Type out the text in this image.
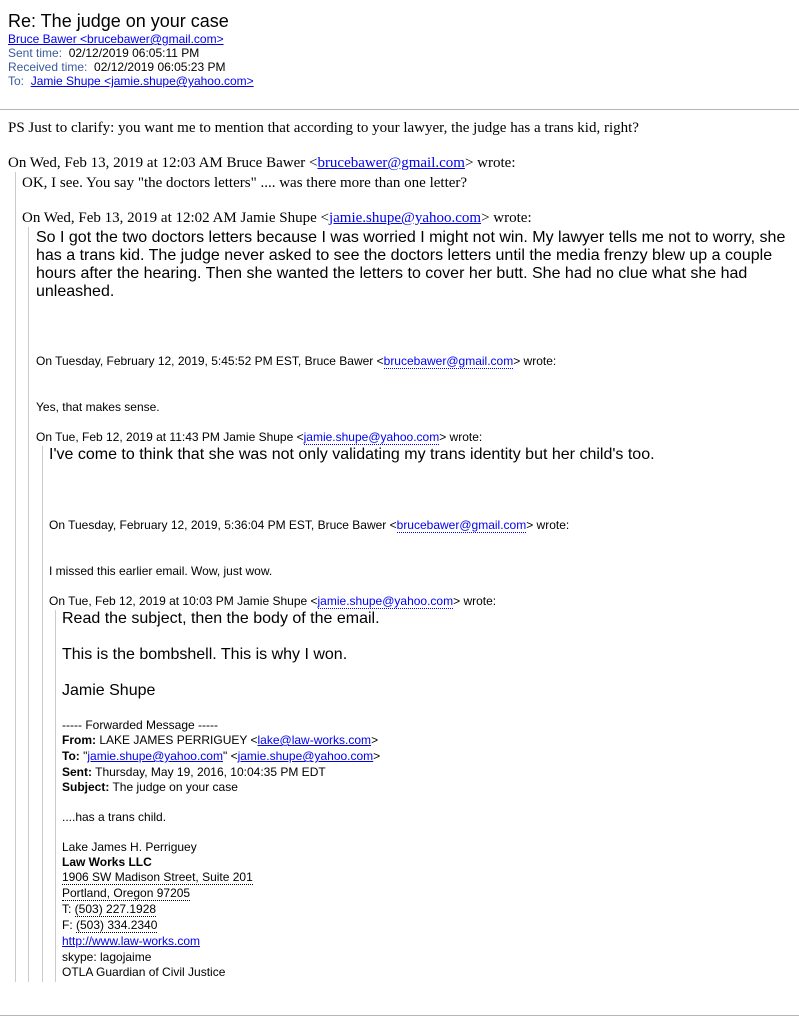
Re: The judge on your case
Bruce Bawer <brucebawer@gmail.com>
Sent time: 02/12/2019 06:05:11 PM
Received time: 02/12/2019 06:05:23 PM
To: Jamie Shupe <jamie.shupe@yahoo.com>
PS Just to clarify: you want me to mention that according to your lawyer, the judge has a trans kid, right?
On Wed, Feb 13, 2019 at 12:03 AM Bruce Bawer <brucebawer@gmail.com> wrote:
OK, I see. You say "the doctors letters" .... was there more than one letter?
On Wed, Feb 13, 2019 at 12:02 AM Jamie Shupe <jamie.shupe@yahoo.com> wrote:
So I got the two doctors letters because I was worried I might not win. My lawyer tells me not to worry, she
has a trans kid. The judge never asked to see the doctors letters until the media frenzy blew up a couple
hours after the hearing. Then she wanted the letters to cover her butt. She had no clue what she had
unleashed.
On Tuesday, February 12, 2019, 5:45:52 PM EST, Bruce Bawer <brucebawer@gmail.com> wrote:
Yes, that makes sense.
On Tue, Feb 12, 2019 at 11:43 PM Jamie Shupe <jamie.shupe@yahoo.com> wrote:
I've come to think that she was not only validating my trans identity but her child's too.
On Tuesday, February 12, 2019, 5:36:04 PM EST, Bruce Bawer <brucebawer@gmail.com> wrote:
I missed this earlier email. Wow, just wow.
On Tue, Feb 12, 2019 at 10:03 PM Jamie Shupe <jamie.shupe@yahoo.com> wrote:
Read the subject, then the body of the email.
This is the bombshell. This is why I won.
Jamie Shupe
----- Forwarded Message -----
From: LAKE JAMES PERRIGUEY <lake@law-works.com>
To: "jamie.shupe@yahoo.com" <jamie.shupe@yahoo.com>
Sent: Thursday, May 19, 2016, 10:04:35 PM EDT
Subject: The judge on your case
....has a trans child.
Lake James H. Perriguey
Law Works LLC
1906 SW Madison Street, Suite 201
Portland, Oregon 97205
T: (503) 227.1928
F: (503) 334.2340
http://www.law-works.com
skype: lagojaime
OTLA Guardian of Civil Justice
